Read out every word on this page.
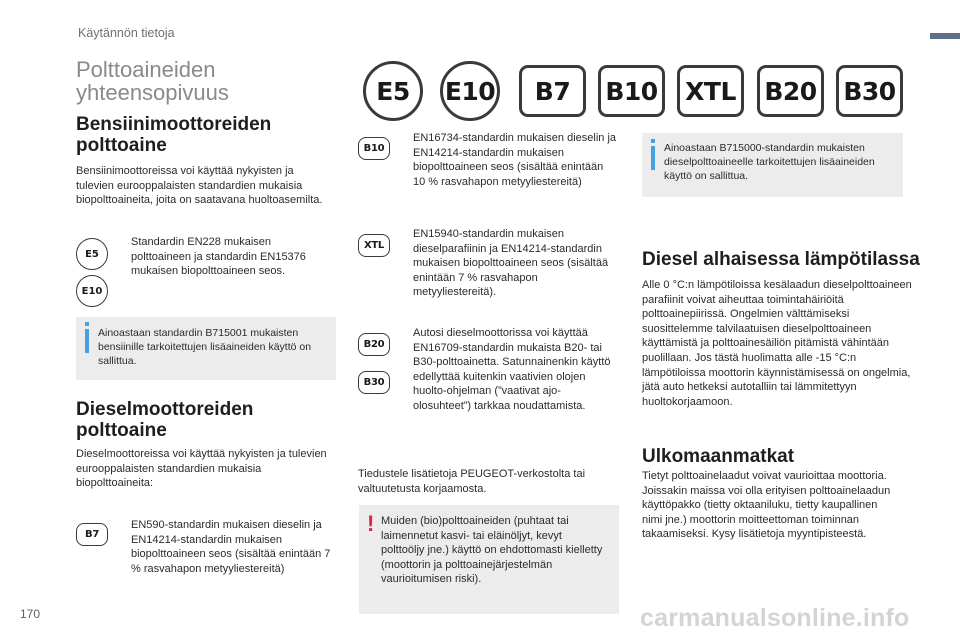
Käytännön tietoja
Polttoaineiden yhteensopivuus	E5	E10	B7	B10	XTL	B20 B30
Bensiinimoottoreiden polttoaine
Bensiinimoottoreissa voi käyttää nykyisten ja tulevien eurooppalaisten standardien mukaisia biopolttoaineita, joita on saatavana huoltoasemilta.
E5
E10
Standardin EN228 mukaisen polttoaineen ja standardin EN15376 mukaisen biopolttoaineen seos.
Ainoastaan standardin B715001 mukaisten bensiinille tarkoitettujen lisäaineiden käyttö on sallittua.
Dieselmoottoreiden polttoaine
Dieselmoottoreissa voi käyttää nykyisten ja tulevien eurooppalaisten standardien mukaisia biopolttoaineita:
B7
EN590-standardin mukaisen dieselin ja EN14214-standardin mukaisen biopolttoaineen seos (sisältää enintään 7 % rasvahapon metyyliestereitä)
B10
EN16734-standardin mukaisen dieselin ja EN14214-standardin mukaisen biopolttoaineen seos (sisältää enintään 10 % rasvahapon metyyliestereitä)
XTL
EN15940-standardin mukaisen dieselparafiinin ja EN14214-standardin mukaisen biopolttoaineen seos (sisältää enintään 7 % rasvahapon metyyliestereitä).
B20
B30
Autosi dieselmoottorissa voi käyttää EN16709-standardin mukaista B20- tai B30-polttoainetta. Satunnainenkin käyttö edellyttää kuitenkin vaativien olojen huolto-ohjelman (”vaativat ajo-olosuhteet”) tarkkaa noudattamista.
Tiedustele lisätietoja PEUGEOT-verkostolta tai valtuutetusta korjaamosta.
! Muiden (bio)polttoaineiden (puhtaat tai laimennetut kasvi- tai eläinöljyt, kevyt polttoöljy jne.) käyttö on ehdottomasti kielletty (moottorin ja polttoainejärjestelmän vaurioitumisen riski).
Ainoastaan B715000-standardin mukaisten dieselpolttoaineelle tarkoitettujen lisäaineiden käyttö on sallittua.
Diesel alhaisessa lämpötilassa
Alle 0 °C:n lämpötiloissa kesälaadun dieselpolttoaineen parafiinit voivat aiheuttaa toimintahäiriöitä polttoainepiirissä. Ongelmien välttämiseksi suosittelemme talvilaatuisen dieselpolttoaineen käyttämistä ja polttoainesäiliön pitämistä vähintään puolillaan. Jos tästä huolimatta alle -15 °C:n lämpötiloissa moottorin käynnistämisessä on ongelmia, jätä auto hetkeksi autotalliin tai lämmitettyyn huoltokorjaamoon.
Ulkomaanmatkat
Tietyt polttoainelaadut voivat vaurioittaa moottoria. Joissakin maissa voi olla erityisen polttoainelaadun käyttöpakko (tietty oktaaniluku, tietty kaupallinen nimi jne.) moottorin moitteettoman toiminnan takaamiseksi. Kysy lisätietoja myyntipisteestä.
170	carmanualsonline.info
